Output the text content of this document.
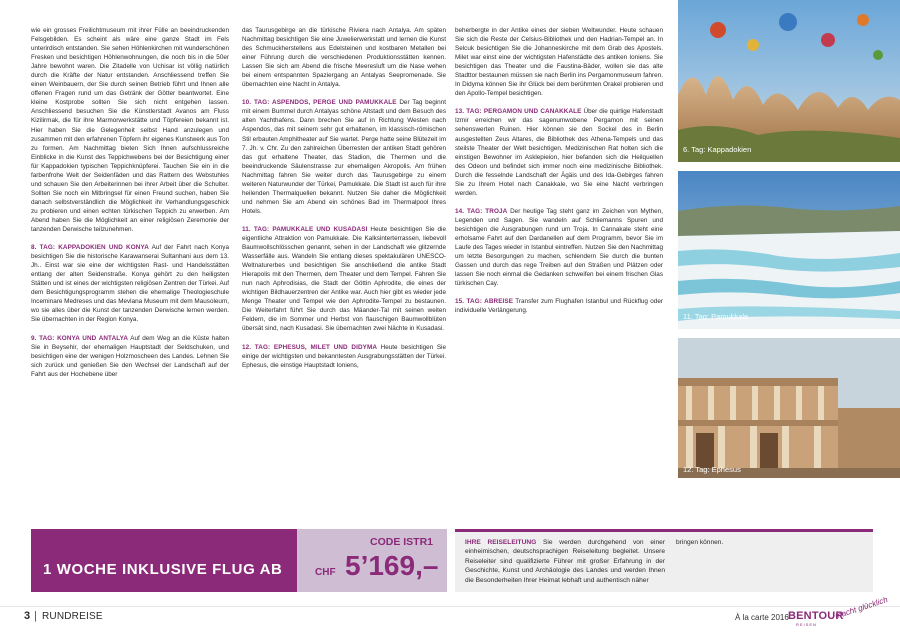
wie ein grosses Freilichtmuseum mit ihrer Fülle an beeindruckenden Felsgebilden. Es scheint als wäre eine ganze Stadt im Fels unterirdisch entstanden. Sie sehen Höhlenkirchen mit wunderschönen Fresken und besichtigen Höhlenwohnungen, die noch bis in die 50er Jahre bewohnt waren. Die Zitadelle von Uchisar ist völlig natürlich durch die Kräfte der Natur entstanden. Anschliessend treffen Sie einen Weinbauern, der Sie durch seinen Betrieb führt und Ihnen alle offenen Fragen rund um das Getränk der Götter beantwortet. Eine kleine Kostprobe sollten Sie sich nicht entgehen lassen. Anschliessend besuchen Sie die Künstlerstadt Avanos am Fluss Kizilirmak, die für ihre Marmorwerkstätte und Töpfereien bekannt ist. Hier haben Sie die Gelegenheit selbst Hand anzulegen und zusammen mit den erfahrenen Töpfern ihr eigenes Kunstwerk aus Ton zu formen. Am Nachmittag bieten Sich Ihnen aufschlussreiche Einblicke in die Kunst des Teppichwebens bei der Besichtigung einer für Kappadokien typischen Teppichknüpferei. Tauchen Sie ein in die farbenfrohe Welt der Seidenfäden und das Rattern des Webstuhles und schauen Sie den Arbeiterinnen bei ihrer Arbeit über die Schulter. Sollten Sie noch ein Mitbringsel für einen Freund suchen, haben Sie danach selbstverständlich die Möglichkeit ihr Verhandlungsgeschick zu probieren und einen echten türkischen Teppich zu erwerben. Am Abend haben Sie die Möglichkeit an einer religiösen Zeremonie der tanzenden Derwische teilzunehmen.

8. TAG: KAPPADOKIEN UND KONYA Auf der Fahrt nach Konya besichtigen Sie die historische Karawanserai Sultanhani aus dem 13. Jh.. Einst war sie eine der wichtigsten Rast- und Handelsstätten entlang der alten Seidenstraße. Konya gehört zu den heiligsten Stätten und ist eines der wichtigsten religiösen Zentren der Türkei. Auf dem Besichtigungsprogramm stehen die ehemalige Theologieschule Inceminare Medreses und das Mevlana Museum mit dem Mausoleum, wo sie alles über die Kunst der tanzenden Derwische lernen werden. Sie übernachten in der Region Konya.

9. TAG: KONYA UND ANTALYA Auf dem Weg an die Küste halten Sie in Beysehir, der ehemaligen Hauptstadt der Seldschuken, und besichtigen eine der wenigen Holzmoscheen des Landes. Lehnen Sie sich zurück und genießen Sie den Wechsel der Landschaft auf der Fahrt aus der Hochebene über

das Taurusgebirge an die türkische Riviera nach Antalya. Am späten Nachmittag besichtigen Sie eine Juwelierwerkstatt und lernen die Kunst des Schmuckherstellens aus Edelsteinen und kostbaren Metallen bei einer Führung durch die verschiedenen Produktionsstätten kennen. Lassen Sie sich am Abend die frische Meeresluft um die Nase wehen bei einem entspannten Spaziergang an Antalyas Seepromenade. Sie übernachten eine Nacht in Antalya.

10. TAG: ASPENDOS, PERGE UND PAMUKKALE Der Tag beginnt mit einem Bummel durch Antalyas schöne Altstadt und dem Besuch des alten Yachthafens. Dann brechen Sie auf in Richtung Westen nach Aspendos, das mit seinem sehr gut erhaltenen, im klassisch-römischen Stil erbauten Amphitheater auf Sie wartet. Perge hatte seine Blütezeit im 7. Jh. v. Chr. Zu den zahlreichen Überresten der antiken Stadt gehören das gut erhaltene Theater, das Stadion, die Thermen und die beeindruckende Säulenstrasse zur ehemaligen Akropolis. Am frühen Nachmittag fahren Sie weiter durch das Taurusgebirge zu einem weiteren Naturwunder der Türkei, Pamukkale. Die Stadt ist auch für ihre heilenden Thermalquellen bekannt. Nutzen Sie daher die Möglichkeit und nehmen Sie am Abend ein schönes Bad im Thermalpool Ihres Hotels.

11. TAG: PAMUKKALE UND KUSADASI Heute besichtigen Sie die eigentliche Attraktion von Pamukkale. Die Kalksinterterrassen, liebevoll Baumwollschlösschen genannt, sehen in der Landschaft wie glitzernde Wasserfälle aus. Wandeln Sie entlang dieses spektakulären UNESCO-Weltnaturerbes und besichtigen Sie anschließend die antike Stadt Hierapolis mit den Thermen, dem Theater und dem Tempel. Fahren Sie nun nach Aphrodisias, die Stadt der Göttin Aphrodite, die eines der wichtigen Bildhauerzentren der Antike war. Auch hier gibt es wieder jede Menge Theater und Tempel wie den Aphrodite-Tempel zu bestaunen. Die Weiterfahrt führt Sie durch das Mäander-Tal mit seinen weiten Feldern, die im Sommer und Herbst von flauschigen Baumwollblüten übersät sind, nach Kusadasi. Sie übernachten zwei Nächte in Kusadasi.

12. TAG: EPHESUS, MILET UND DIDYMA Heute besichtigen Sie einige der wichtigsten und bekanntesten Ausgrabungsstätten der Türkei. Ephesus, die einstige Hauptstadt Ioniens,

beherbergte in der Antike eines der sieben Weltwunder. Heute schauen Sie sich die Reste der Celsius-Bibliothek und den Hadrian-Tempel an. In Selcuk besichtigen Sie die Johanneskirche mit dem Grab des Apostels. Milet war einst eine der wichtigsten Hafenstädte des antiken Ioniens. Sie besichtigen das Theater und die Faustina-Bäder, wollen sie das alte Stadttor bestaunen müssen sie nach Berlin ins Pergamonmuseum fahren. In Didyma können Sie ihr Glück bei dem berühmten Orakel probieren und den Apollo-Tempel besichtigen.

13. TAG: PERGAMON UND CANAKKALE Über die quirlige Hafenstadt Izmir erreichen wir das sagenumwobene Pergamon mit seinen sehenswerten Ruinen. Hier können sie den Sockel des in Berlin ausgestellten Zeus Altares, die Bibliothek des Athena-Tempels und das steilste Theater der Welt besichtigen. Medizinischen Rat holten sich die einstigen Bewohner im Asklepieion, hier befanden sich die Heilquellen des Odeon und befindet sich immer noch eine medizinische Bibliothek. Durch die fesselnde Landschaft der Ägäis und des Ida-Gebirges fahren Sie zu Ihrem Hotel nach Canakkale, wo Sie eine Nacht verbringen werden.

14. TAG: TROJA Der heutige Tag steht ganz im Zeichen von Mythen, Legenden und Sagen. Sie wandeln auf Schliemanns Spuren und besichtigen die Ausgrabungen rund um Troja. In Cannakale steht eine erholsame Fahrt auf den Dardanellen auf dem Programm, bevor Sie im Laufe des Tages wieder in Istanbul eintreffen. Nutzen Sie den Nachmittag um letzte Besorgungen zu machen, schlendern Sie durch die bunten Gassen und durch das rege Treiben auf den Straßen und Plätzen oder lassen Sie noch einmal die Gedanken schweifen bei einem frischen Glas türkischen Cay.

15. TAG: ABREISE Transfer zum Flughafen Istanbul und Rückflug oder individuelle Verlängerung.

6. Tag: Kappadokien
11. Tag: Pamukkale
12. Tag: Ephesus
1 WOCHE INKLUSIVE FLUG AB
CODE ISTR1
CHF 5’169,–
IHRE REISELEITUNG Sie werden durchgehend von einer einheimischen, deutschsprachigen Reiseleitung begleitet. Unsere Reiseleiter sind qualifizierte Führer mit großer Erfahrung in der Geschichte, Kunst und Archäologie des Landes und werden Ihnen die Besonderheiten Ihrer Heimat lebhaft und authentisch näher
bringen können.
3 | RUNDREISE	À la carte 2016 BENTOUR
REISEN
macht glücklich
